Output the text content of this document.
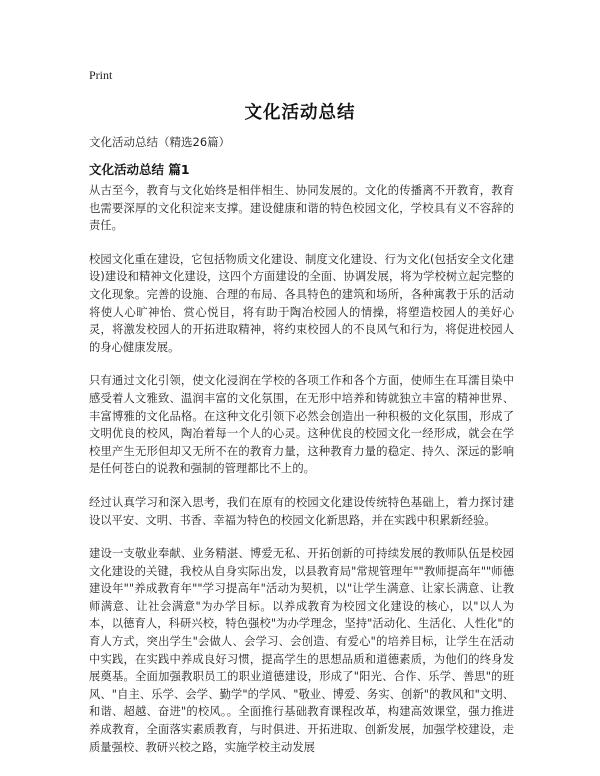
Print
文化活动总结

文化活动总结（精选26篇）

文化活动总结 篇1

从古至今，教育与文化始终是相伴相生、协同发展的。文化的传播离不开教育，教育也需要深厚的文化积淀来支撑。建设健康和谐的特色校园文化，学校具有义不容辞的责任。

校园文化重在建设，它包括物质文化建设、制度文化建设、行为文化(包括安全文化建设)建设和精神文化建设，这四个方面建设的全面、协调发展，将为学校树立起完整的文化现象。完善的设施、合理的布局、各具特色的建筑和场所，各种寓教于乐的活动将使人心旷神怡、赏心悦目，将有助于陶冶校园人的情操，将塑造校园人的美好心灵，将激发校园人的开拓进取精神，将约束校园人的不良风气和行为，将促进校园人的身心健康发展。

只有通过文化引领，使文化浸润在学校的各项工作和各个方面，使师生在耳濡目染中感受着人文雅致、温润丰富的文化氛围，在无形中培养和铸就独立丰富的精神世界、丰富博雅的文化品格。在这种文化引领下必然会创造出一种积极的文化氛围，形成了文明优良的校风，陶冶着每一个人的心灵。这种优良的校园文化一经形成，就会在学校里产生无形但却又无所不在的教育力量，这种教育力量的稳定、持久、深远的影响是任何苍白的说教和强制的管理都比不上的。

经过认真学习和深入思考，我们在原有的校园文化建设传统特色基础上，着力探讨建设以平安、文明、书香、幸福为特色的校园文化新思路，并在实践中积累新经验。

建设一支敬业奉献、业务精湛、博爱无私、开拓创新的可持续发展的教师队伍是校园文化建设的关键，我校从自身实际出发，以县教育局"常规管理年""教师提高年""师德建设年""养成教育年""学习提高年"活动为契机，以"让学生满意、让家长满意、让教师满意、让社会满意"为办学目标。以养成教育为校园文化建设的核心，以"以人为本，以德育人，科研兴校，特色强校"为办学理念，坚持"活动化、生活化、人性化"的育人方式，突出学生"会做人、会学习、会创造、有爱心"的培养目标，让学生在活动中实践，在实践中养成良好习惯，提高学生的思想品质和道德素质，为他们的终身发展奠基。全面加强教职员工的职业道德建设，形成了"阳光、合作、乐学、善思"的班风、"自主、乐学、会学、勤学"的学风、"敬业、博爱、务实、创新"的教风和"文明、和谐、超越、奋进"的校风。。全面推行基础教育课程改革，构建高效课堂，强力推进养成教育，全面落实素质教育，与时俱进、开拓进取、创新发展，加强学校建设，走质量强校、教研兴校之路，实施学校主动发展
